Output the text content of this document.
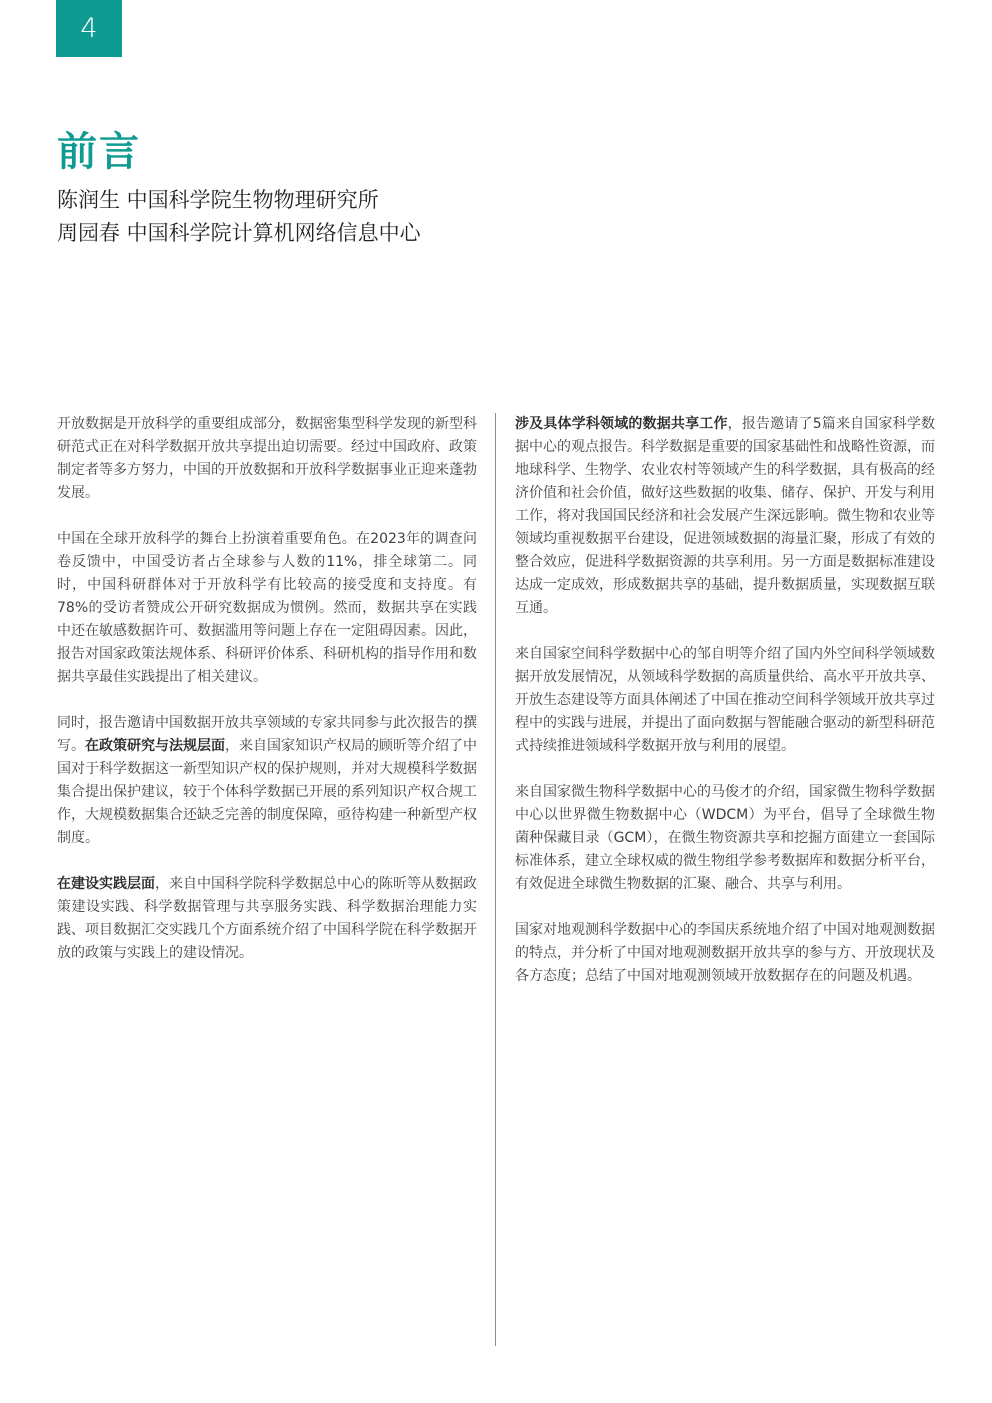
4
前言
陈润生 中国科学院生物物理研究所
周园春 中国科学院计算机网络信息中心

开放数据是开放科学的重要组成部分，数据密集型科学发现的新型科研范式正在对科学数据开放共享提出迫切需要。经过中国政府、政策制定者等多方努力，中国的开放数据和开放科学数据事业正迎来蓬勃发展。

中国在全球开放科学的舞台上扮演着重要角色。在2023年的调查问卷反馈中，中国受访者占全球参与人数的11%，排全球第二。同时，中国科研群体对于开放科学有比较高的接受度和支持度。有78%的受访者赞成公开研究数据成为惯例。然而，数据共享在实践中还在敏感数据许可、数据滥用等问题上存在一定阻碍因素。因此，报告对国家政策法规体系、科研评价体系、科研机构的指导作用和数据共享最佳实践提出了相关建议。

同时，报告邀请中国数据开放共享领域的专家共同参与此次报告的撰写。在政策研究与法规层面，来自国家知识产权局的顾昕等介绍了中国对于科学数据这一新型知识产权的保护规则，并对大规模科学数据集合提出保护建议，较于个体科学数据已开展的系列知识产权合规工作，大规模数据集合还缺乏完善的制度保障，亟待构建一种新型产权制度。

在建设实践层面，来自中国科学院科学数据总中心的陈昕等从数据政策建设实践、科学数据管理与共享服务实践、科学数据治理能力实践、项目数据汇交实践几个方面系统介绍了中国科学院在科学数据开放的政策与实践上的建设情况。

涉及具体学科领域的数据共享工作，报告邀请了5篇来自国家科学数据中心的观点报告。科学数据是重要的国家基础性和战略性资源，而地球科学、生物学、农业农村等领域产生的科学数据，具有极高的经济价值和社会价值，做好这些数据的收集、储存、保护、开发与利用工作，将对我国国民经济和社会发展产生深远影响。微生物和农业等领域均重视数据平台建设，促进领域数据的海量汇聚，形成了有效的整合效应，促进科学数据资源的共享利用。另一方面是数据标准建设达成一定成效，形成数据共享的基础，提升数据质量，实现数据互联互通。

来自国家空间科学数据中心的邹自明等介绍了国内外空间科学领域数据开放发展情况，从领域科学数据的高质量供给、高水平开放共享、开放生态建设等方面具体阐述了中国在推动空间科学领域开放共享过程中的实践与进展，并提出了面向数据与智能融合驱动的新型科研范式持续推进领域科学数据开放与利用的展望。

来自国家微生物科学数据中心的马俊才的介绍，国家微生物科学数据中心以世界微生物数据中心（WDCM）为平台，倡导了全球微生物菌种保藏目录（GCM），在微生物资源共享和挖掘方面建立一套国际标准体系，建立全球权威的微生物组学参考数据库和数据分析平台，有效促进全球微生物数据的汇聚、融合、共享与利用。

国家对地观测科学数据中心的李国庆系统地介绍了中国对地观测数据的特点，并分析了中国对地观测数据开放共享的参与方、开放现状及各方态度；总结了中国对地观测领域开放数据存在的问题及机遇。
